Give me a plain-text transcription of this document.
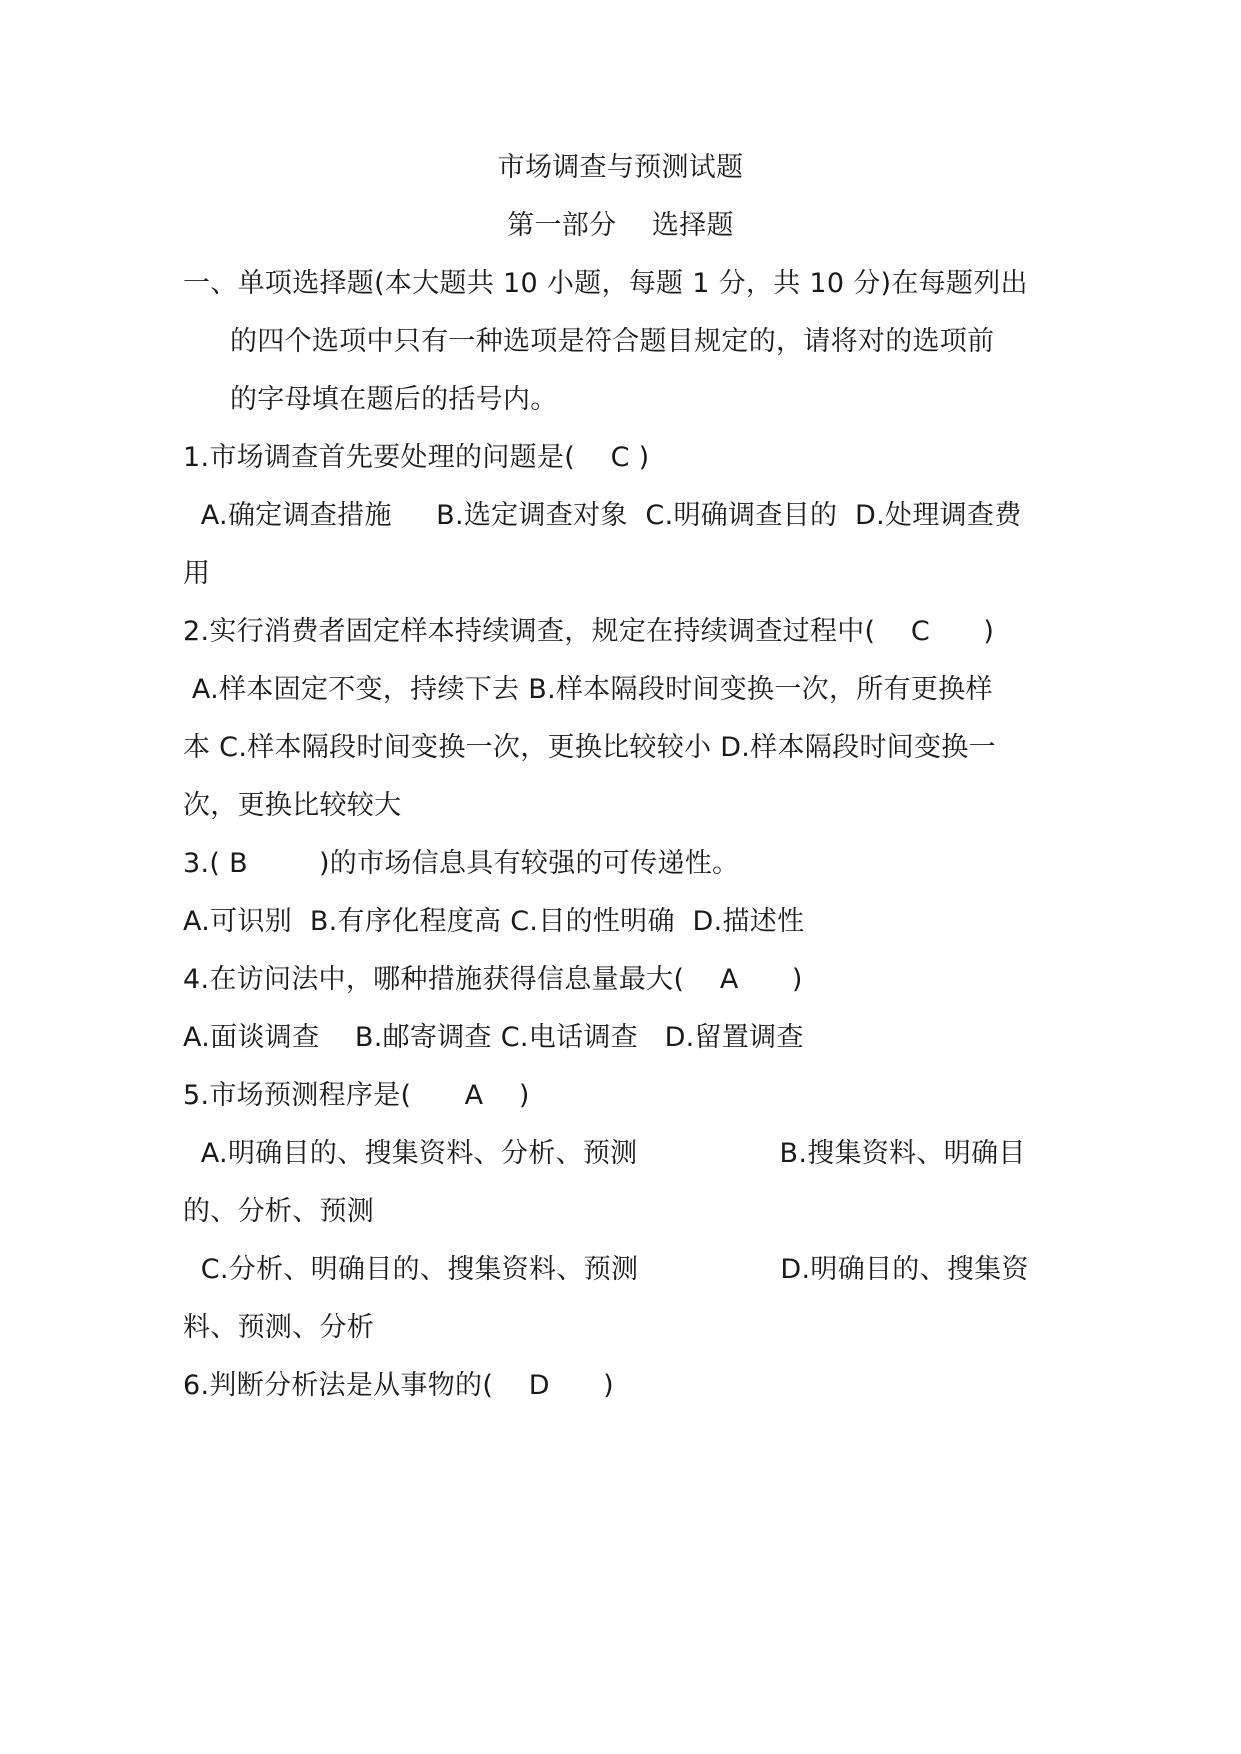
市场调查与预测试题
第一部分    选择题
一、单项选择题(本大题共 10 小题，每题 1 分，共 10 分)在每题列出
的四个选项中只有一种选项是符合题目规定的，请将对的选项前
的字母填在题后的括号内。
1.市场调查首先要处理的问题是(    C )
A.确定调查措施     B.选定调查对象  C.明确调查目的  D.处理调查费
用
2.实行消费者固定样本持续调查，规定在持续调查过程中(    C      )
A.样本固定不变，持续下去 B.样本隔段时间变换一次，所有更换样
本 C.样本隔段时间变换一次，更换比较较小 D.样本隔段时间变换一
次，更换比较较大
3.( B        )的市场信息具有较强的可传递性。
A.可识别  B.有序化程度高 C.目的性明确  D.描述性
4.在访问法中，哪种措施获得信息量最大(    A      )
A.面谈调查    B.邮寄调查 C.电话调查   D.留置调查
5.市场预测程序是(      A    )
A.明确目的、搜集资料、分析、预测                B.搜集资料、明确目
的、分析、预测
C.分析、明确目的、搜集资料、预测                D.明确目的、搜集资
料、预测、分析
6.判断分析法是从事物的(    D      )
